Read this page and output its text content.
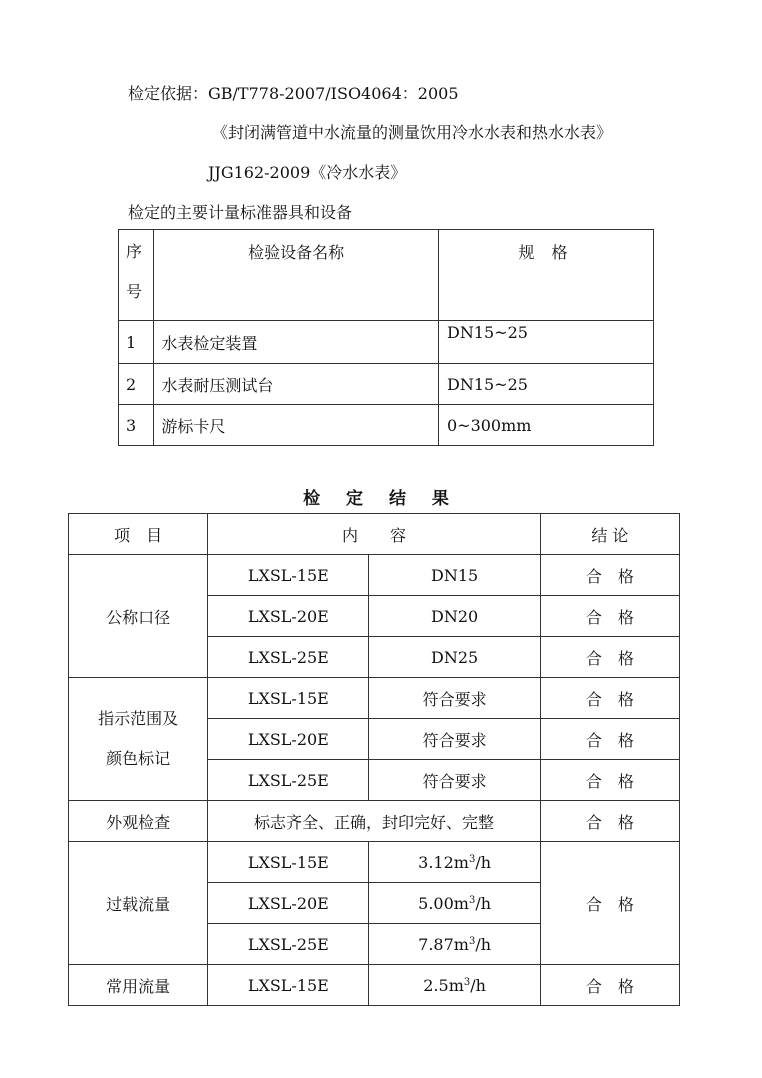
检定依据：GB/T778-2007/ISO4064：2005
《封闭满管道中水流量的测量饮用冷水水表和热水水表》
JJG162-2009《冷水水表》
检定的主要计量标准器具和设备
序
号	检验设备名称	规 格
1	水表检定装置	DN15~25
2	水表耐压测试台	DN15~25
3	游标卡尺	0~300mm
检 定 结 果
项　目	内　　容		结 论
公称口径	LXSL-15E	DN15	合　格
	LXSL-20E	DN20	合　格
	LXSL-25E	DN25	合　格

指示范围及
颜色标记	LXSL-15E	符合要求	合　格
	LXSL-20E	符合要求	合　格
	LXSL-25E	符合要求	合　格
外观检查	标志齐全、正确，封印完好、完整		合　格
过载流量	LXSL-15E	$3.12m^3/h$	合　格
	LXSL-20E	$5.00m^3/h$	
	LXSL-25E	$7.87m^3/h$	
常用流量	LXSL-15E	$2.5m^3/h$	合　格
